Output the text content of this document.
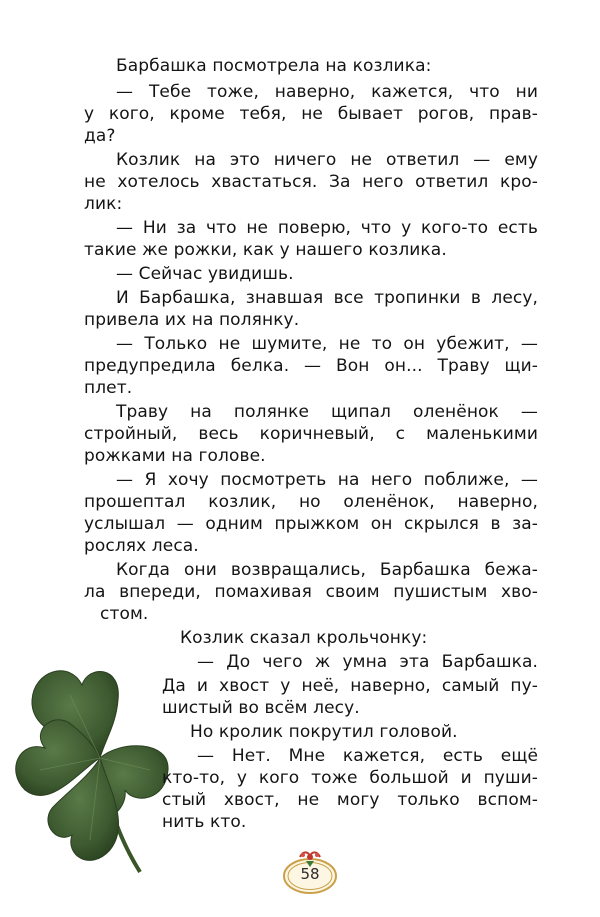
Барбашка посмотрела на козлика:
— Тебе тоже, наверно, кажется, что ни
у кого, кроме тебя, не бывает рогов, прав-
да?
Козлик на это ничего не ответил — ему
не хотелось хвастаться. За него ответил кро-
лик:
— Ни за что не поверю, что у кого-то есть
такие же рожки, как у нашего козлика.
— Сейчас увидишь.
И Барбашка, знавшая все тропинки в лесу,
привела их на полянку.
— Только не шумите, не то он убежит, —
предупредила белка. — Вон он... Траву щи-
плет.
Траву на полянке щипал оленёнок —
стройный, весь коричневый, с маленькими
рожками на голове.
— Я хочу посмотреть на него поближе, —
прошептал козлик, но оленёнок, наверно,
услышал — одним прыжком он скрылся в за-
рослях леса.
Когда они возвращались, Барбашка бежа-
ла впереди, помахивая своим пушистым хво-
стом.
Козлик сказал крольчонку:
— До чего ж умна эта Барбашка.
Да и хвост у неё, наверно, самый пу-
шистый во всём лесу.
Но кролик покрутил головой.
— Нет. Мне кажется, есть ещё
кто-то, у кого тоже большой и пуши-
стый хвост, не могу только вспом-
нить кто.
58
